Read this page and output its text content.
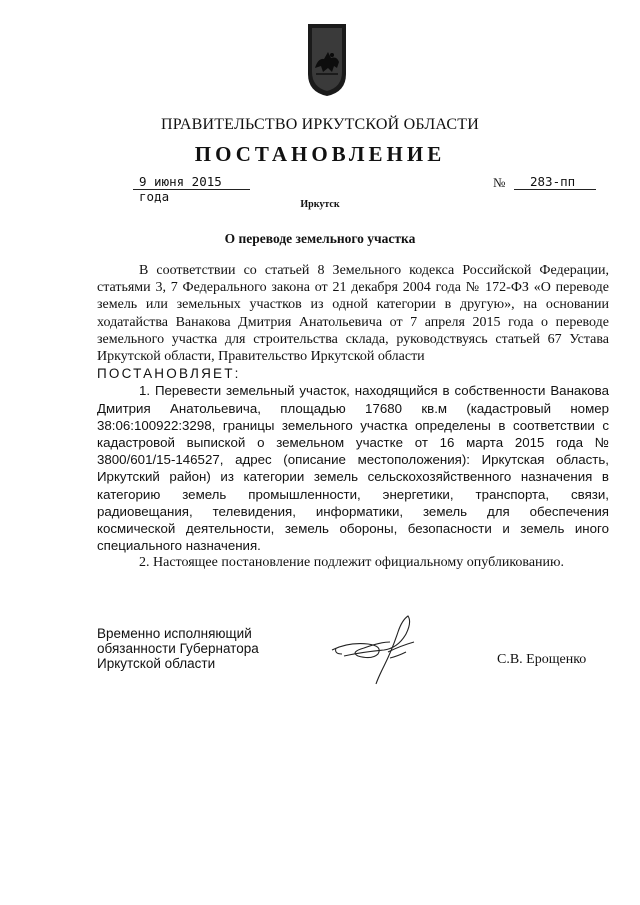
ПРАВИТЕЛЬСТВО ИРКУТСКОЙ ОБЛАСТИ
ПОСТАНОВЛЕНИЕ
9 июня 2015 года
№	283-пп
Иркутск
О переводе земельного участка

В соответствии со статьей 8 Земельного кодекса Российской Федерации, статьями 3, 7 Федерального закона от 21 декабря 2004 года № 172-ФЗ «О переводе земель или земельных участков из одной категории в другую», на основании ходатайства Ванакова Дмитрия Анатольевича от 7 апреля 2015 года о переводе земельного участка для строительства склада, руководствуясь статьей 67 Устава Иркутской области, Правительство Иркутской области

ПОСТАНОВЛЯЕТ:

1. Перевести земельный участок, находящийся в собственности Ванакова Дмитрия Анатольевича, площадью 17680 кв.м (кадастровый номер 38:06:100922:3298, границы земельного участка определены в соответствии с кадастровой выпиской о земельном участке от 16 марта 2015 года № 3800/601/15-146527, адрес (описание местоположения): Иркутская область, Иркутский район) из категории земель сельскохозяйственного назначения в категорию земель промышленности, энергетики, транспорта, связи, радиовещания, телевидения, информатики, земель для обеспечения космической деятельности, земель обороны, безопасности и земель иного специального назначения.

2. Настоящее постановление подлежит официальному опубликованию.

Временно исполняющий
обязанности Губернатора
Иркутской области	С.В. Ерощенко
